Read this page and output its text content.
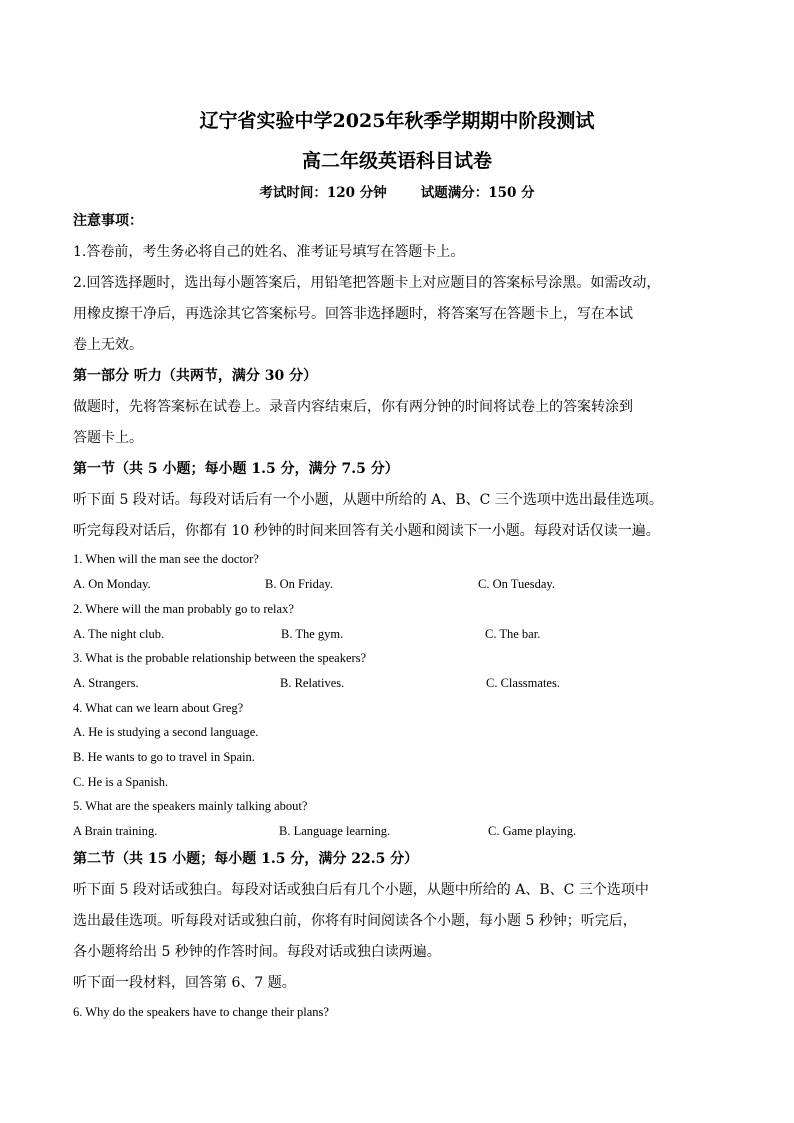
辽宁省实验中学2025年秋季学期期中阶段测试
高二年级英语科目试卷
考试时间：120 分钟	试题满分：150 分
注意事项：
1.答卷前，考生务必将自己的姓名、准考证号填写在答题卡上。
2.回答选择题时，选出每小题答案后，用铅笔把答题卡上对应题目的答案标号涂黑。如需改动，
用橡皮擦干净后，再选涂其它答案标号。回答非选择题时，将答案写在答题卡上，写在本试
卷上无效。
第一部分 听力（共两节，满分 30 分）
做题时，先将答案标在试卷上。录音内容结束后，你有两分钟的时间将试卷上的答案转涂到
答题卡上。
第一节（共 5 小题；每小题 1.5 分，满分 7.5 分）
听下面 5 段对话。每段对话后有一个小题，从题中所给的 A、B、C 三个选项中选出最佳选项。
听完每段对话后，你都有 10 秒钟的时间来回答有关小题和阅读下一小题。每段对话仅读一遍。
1. When will the man see the doctor?
A. On Monday.	B. On Friday.	C. On Tuesday.
2. Where will the man probably go to relax?
A. The night club.	B. The gym.	C. The bar.
3. What is the probable relationship between the speakers?
A. Strangers.	B. Relatives.	C. Classmates.
4. What can we learn about Greg?
A. He is studying a second language.
B. He wants to go to travel in Spain.
C. He is a Spanish.
5. What are the speakers mainly talking about?
A Brain training.	B. Language learning.	C. Game playing.
第二节（共 15 小题；每小题 1.5 分，满分 22.5 分）
听下面 5 段对话或独白。每段对话或独白后有几个小题，从题中所给的 A、B、C 三个选项中
选出最佳选项。听每段对话或独白前，你将有时间阅读各个小题，每小题 5 秒钟；听完后，
各小题将给出 5 秒钟的作答时间。每段对话或独白读两遍。
听下面一段材料，回答第 6、7 题。
6. Why do the speakers have to change their plans?
